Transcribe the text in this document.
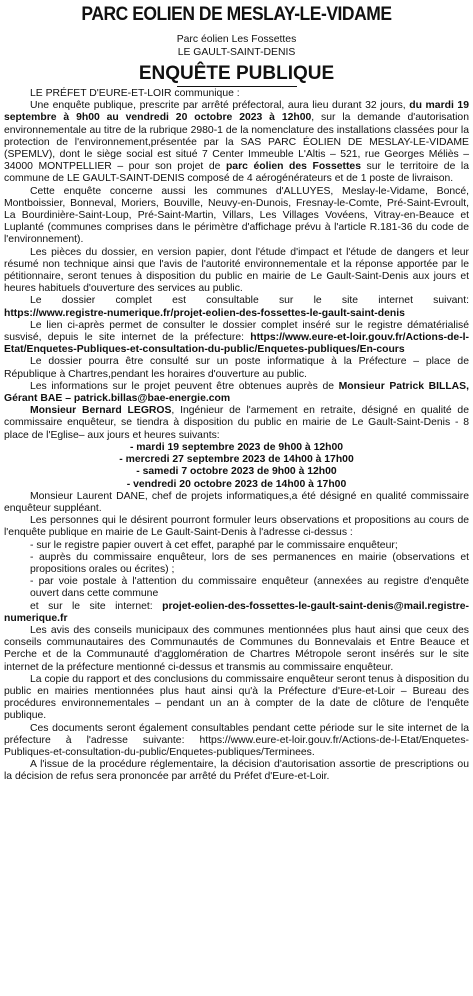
PARC EOLIEN DE MESLAY-LE-VIDAME
Parc éolien Les Fossettes
LE GAULT-SAINT-DENIS
ENQUÊTE PUBLIQUE

LE PRÉFET D'EURE-ET-LOIR communique :

Une enquête publique, prescrite par arrêté préfectoral, aura lieu durant 32 jours, du mardi 19 septembre à 9h00 au vendredi 20 octobre 2023 à 12h00, sur la demande d'autorisation environnementale au titre de la rubrique 2980-1 de la nomenclature des installations classées pour la protection de l'environnement,présentée par la SAS PARC ÉOLIEN DE MESLAY-LE-VIDAME (SPEMLV), dont le siège social est situé 7 Center Immeuble L'Altis – 521, rue Georges Méliès – 34000 MONTPELLIER – pour son projet de parc éolien des Fossettes sur le territoire de la commune de LE GAULT-SAINT-DENIS composé de 4 aérogénérateurs et de 1 poste de livraison.

Cette enquête concerne aussi les communes d'ALLUYES, Meslay-le-Vidame, Boncé, Montboissier, Bonneval, Moriers, Bouville, Neuvy-en-Dunois, Fresnay-le-Comte, Pré-Saint-Evroult, La Bourdinière-Saint-Loup, Pré-Saint-Martin, Villars, Les Villages Vovéens, Vitray-en-Beauce et Luplanté (communes comprises dans le périmètre d'affichage prévu à l'article R.181-36 du code de l'environnement).

Les pièces du dossier, en version papier, dont l'étude d'impact et l'étude de dangers et leur résumé non technique ainsi que l'avis de l'autorité environnementale et la réponse apportée par le pétitionnaire, seront tenues à disposition du public en mairie de Le Gault-Saint-Denis aux jours et heures habituels d'ouverture des services au public.

Le dossier complet est consultable sur le site internet suivant:

https://www.registre-numerique.fr/projet-eolien-des-fossettes-le-gault-saint-denis

Le lien ci-après permet de consulter le dossier complet inséré sur le registre dématérialisé susvisé, depuis le site internet de la préfecture: https://www.eure-et-loir.gouv.fr/Actions-de-l-Etat/Enquetes-Publiques-et-consultation-du-public/Enquetes-publiques/En-cours

Le dossier pourra être consulté sur un poste informatique à la Préfecture – place de République à Chartres,pendant les horaires d'ouverture au public.

Les informations sur le projet peuvent être obtenues auprès de Monsieur Patrick BILLAS, Gérant BAE – patrick.billas@bae-energie.com

Monsieur Bernard LEGROS, Ingénieur de l'armement en retraite, désigné en qualité de commissaire enquêteur, se tiendra à disposition du public en mairie de Le Gault-Saint-Denis - 8 place de l'Eglise– aux jours et heures suivants:

- mardi 19 septembre 2023 de 9h00 à 12h00
- mercredi 27 septembre 2023 de 14h00 à 17h00
- samedi 7 octobre 2023 de 9h00 à 12h00
- vendredi 20 octobre 2023 de 14h00 à 17h00

Monsieur Laurent DANE, chef de projets informatiques,a été désigné en qualité commissaire enquêteur suppléant.

Les personnes qui le désirent pourront formuler leurs observations et propositions au cours de l'enquête publique en mairie de Le Gault-Saint-Denis à l'adresse ci-dessus :

- sur le registre papier ouvert à cet effet, paraphé par le commissaire enquêteur;

- auprès du commissaire enquêteur, lors de ses permanences en mairie (observations et propositions orales ou écrites) ;

- par voie postale à l'attention du commissaire enquêteur (annexées au registre d'enquête ouvert dans cette commune

et sur le site internet: projet-eolien-des-fossettes-le-gault-saint-denis@mail.registre-numerique.fr

Les avis des conseils municipaux des communes mentionnées plus haut ainsi que ceux des conseils communautaires des Communautés de Communes du Bonnevalais et Entre Beauce et Perche et de la Communauté d'agglomération de Chartres Métropole seront insérés sur le site internet de la préfecture mentionné ci-dessus et transmis au commissaire enquêteur.

La copie du rapport et des conclusions du commissaire enquêteur seront tenus à disposition du public en mairies mentionnées plus haut ainsi qu'à la Préfecture d'Eure-et-Loir – Bureau des procédures environnementales – pendant un an à compter de la date de clôture de l'enquête publique.

Ces documents seront également consultables pendant cette période sur le site internet de la préfecture à l'adresse suivante: https://www.eure-et-loir.gouv.fr/Actions-de-l-Etat/Enquetes-Publiques-et-consultation-du-public/Enquetes-publiques/Terminees.

A l'issue de la procédure réglementaire, la décision d'autorisation assortie de prescriptions ou la décision de refus sera prononcée par arrêté du Préfet d'Eure-et-Loir.
